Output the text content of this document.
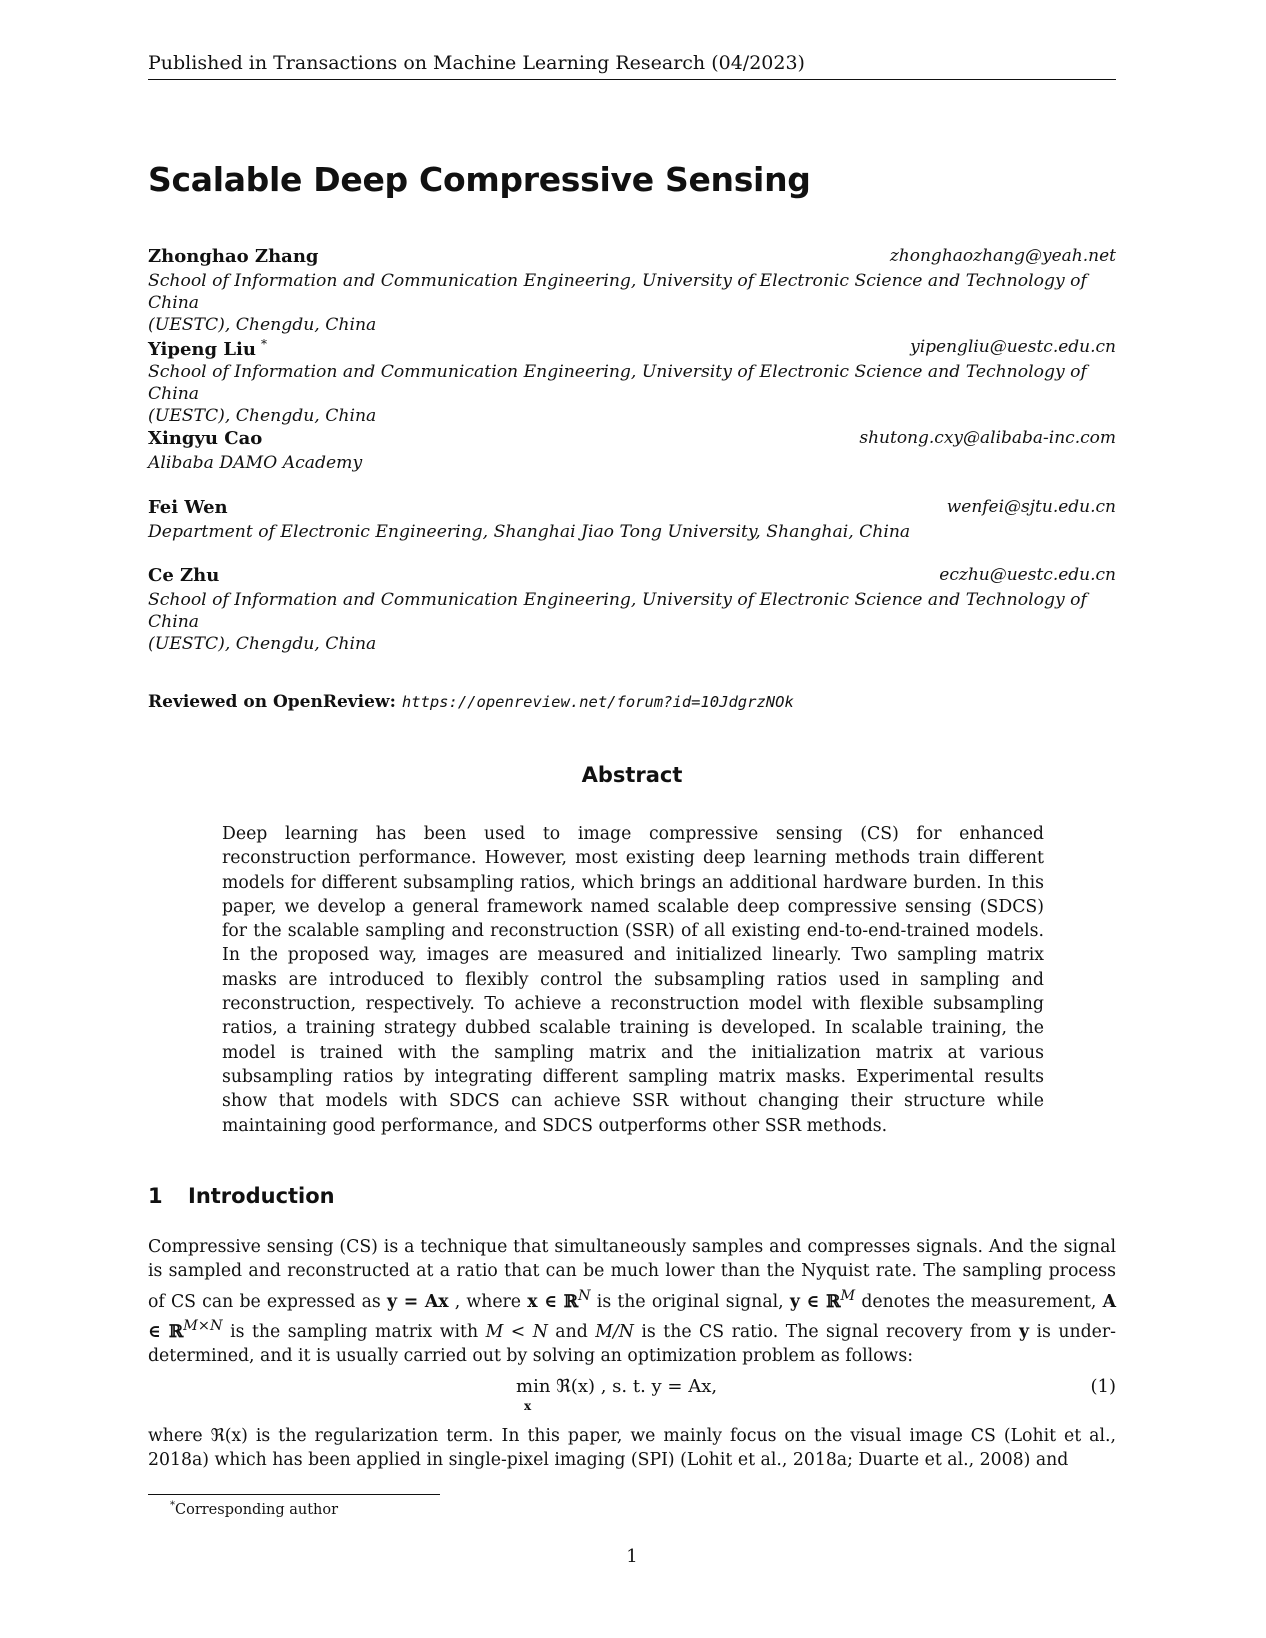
Published in Transactions on Machine Learning Research (04/2023)
Scalable Deep Compressive Sensing
Zhonghao Zhang	zhonghaozhang@yeah.net

School of Information and Communication Engineering, University of Electronic Science and Technology of China
(UESTC), Chengdu, China

Yipeng Liu *	yipengliu@uestc.edu.cn

School of Information and Communication Engineering, University of Electronic Science and Technology of China
(UESTC), Chengdu, China

Xingyu Cao	shutong.cxy@alibaba-inc.com

Alibaba DAMO Academy

Fei Wen	wenfei@sjtu.edu.cn

Department of Electronic Engineering, Shanghai Jiao Tong University, Shanghai, China

Ce Zhu	eczhu@uestc.edu.cn

School of Information and Communication Engineering, University of Electronic Science and Technology of China
(UESTC), Chengdu, China

Reviewed on OpenReview: https://openreview.net/forum?id=10JdgrzNOk
Abstract

Deep learning has been used to image compressive sensing (CS) for enhanced reconstruction performance. However, most existing deep learning methods train different models for different subsampling ratios, which brings an additional hardware burden. In this paper, we develop a general framework named scalable deep compressive sensing (SDCS) for the scalable sampling and reconstruction (SSR) of all existing end-to-end-trained models. In the proposed way, images are measured and initialized linearly. Two sampling matrix masks are introduced to flexibly control the subsampling ratios used in sampling and reconstruction, respectively. To achieve a reconstruction model with flexible subsampling ratios, a training strategy dubbed scalable training is developed. In scalable training, the model is trained with the sampling matrix and the initialization matrix at various subsampling ratios by integrating different sampling matrix masks. Experimental results show that models with SDCS can achieve SSR without changing their structure while maintaining good performance, and SDCS outperforms other SSR methods.

1 Introduction

Compressive sensing (CS) is a technique that simultaneously samples and compresses signals. And the signal is sampled and reconstructed at a ratio that can be much lower than the Nyquist rate. The sampling process of CS can be expressed as y = Ax , where x ∈ ℝ$^N$ is the original signal, y ∈ ℝ$^M$ denotes the measurement, A ∈ ℝ$^{M\times N}$ is the sampling matrix with M < N and M/N is the CS ratio. The signal recovery from y is under-determined, and it is usually carried out by solving an optimization problem as follows:

min ℜ(x) , s. t. y = Ax,
x
(1)

where ℜ(x) is the regularization term. In this paper, we mainly focus on the visual image CS (Lohit et al., 2018a) which has been applied in single-pixel imaging (SPI) (Lohit et al., 2018a; Duarte et al., 2008) and

*Corresponding author
1
